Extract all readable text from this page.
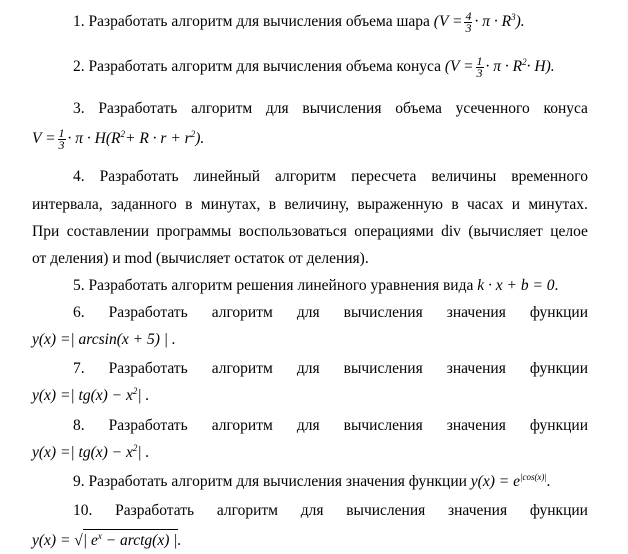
1. Разработать алгоритм для вычисления объема шара $(V = \frac{4}{3} \cdot \pi \cdot R^3)$.
2. Разработать алгоритм для вычисления объема конуса $(V = \frac{1}{3} \cdot \pi \cdot R^2\cdot H)$.
3. Разработать алгоритм для вычисления объема усеченного конуса
$V = \frac{1}{3} \cdot \pi \cdot H(R^2+ R \cdot r + r^2)$.
4. Разработать линейный алгоритм пересчета величины временного
интервала, заданного в минутах, в величину, выраженную в часах и минутах.
При составлении программы воспользоваться операциями div (вычисляет целое
от деления) и mod (вычисляет остаток от деления).
5. Разработать алгоритм решения линейного уравнения вида k · x + b = 0.
6. Разработать алгоритм для вычисления значения функции
y(x) =| arcsin(x + 5) | .
7. Разработать алгоритм для вычисления значения функции
y(x) =| $tg(x) - x^2|$ .
8. Разработать алгоритм для вычисления значения функции
y(x) =| $tg(x) - x^2|$ .
9. Разработать алгоритм для вычисления значения функции $y(x) = e^{|cos(x)|}$.
10. Разработать алгоритм для вычисления значения функции
y(x) = √| $e^x$ − arctg(x) |.
